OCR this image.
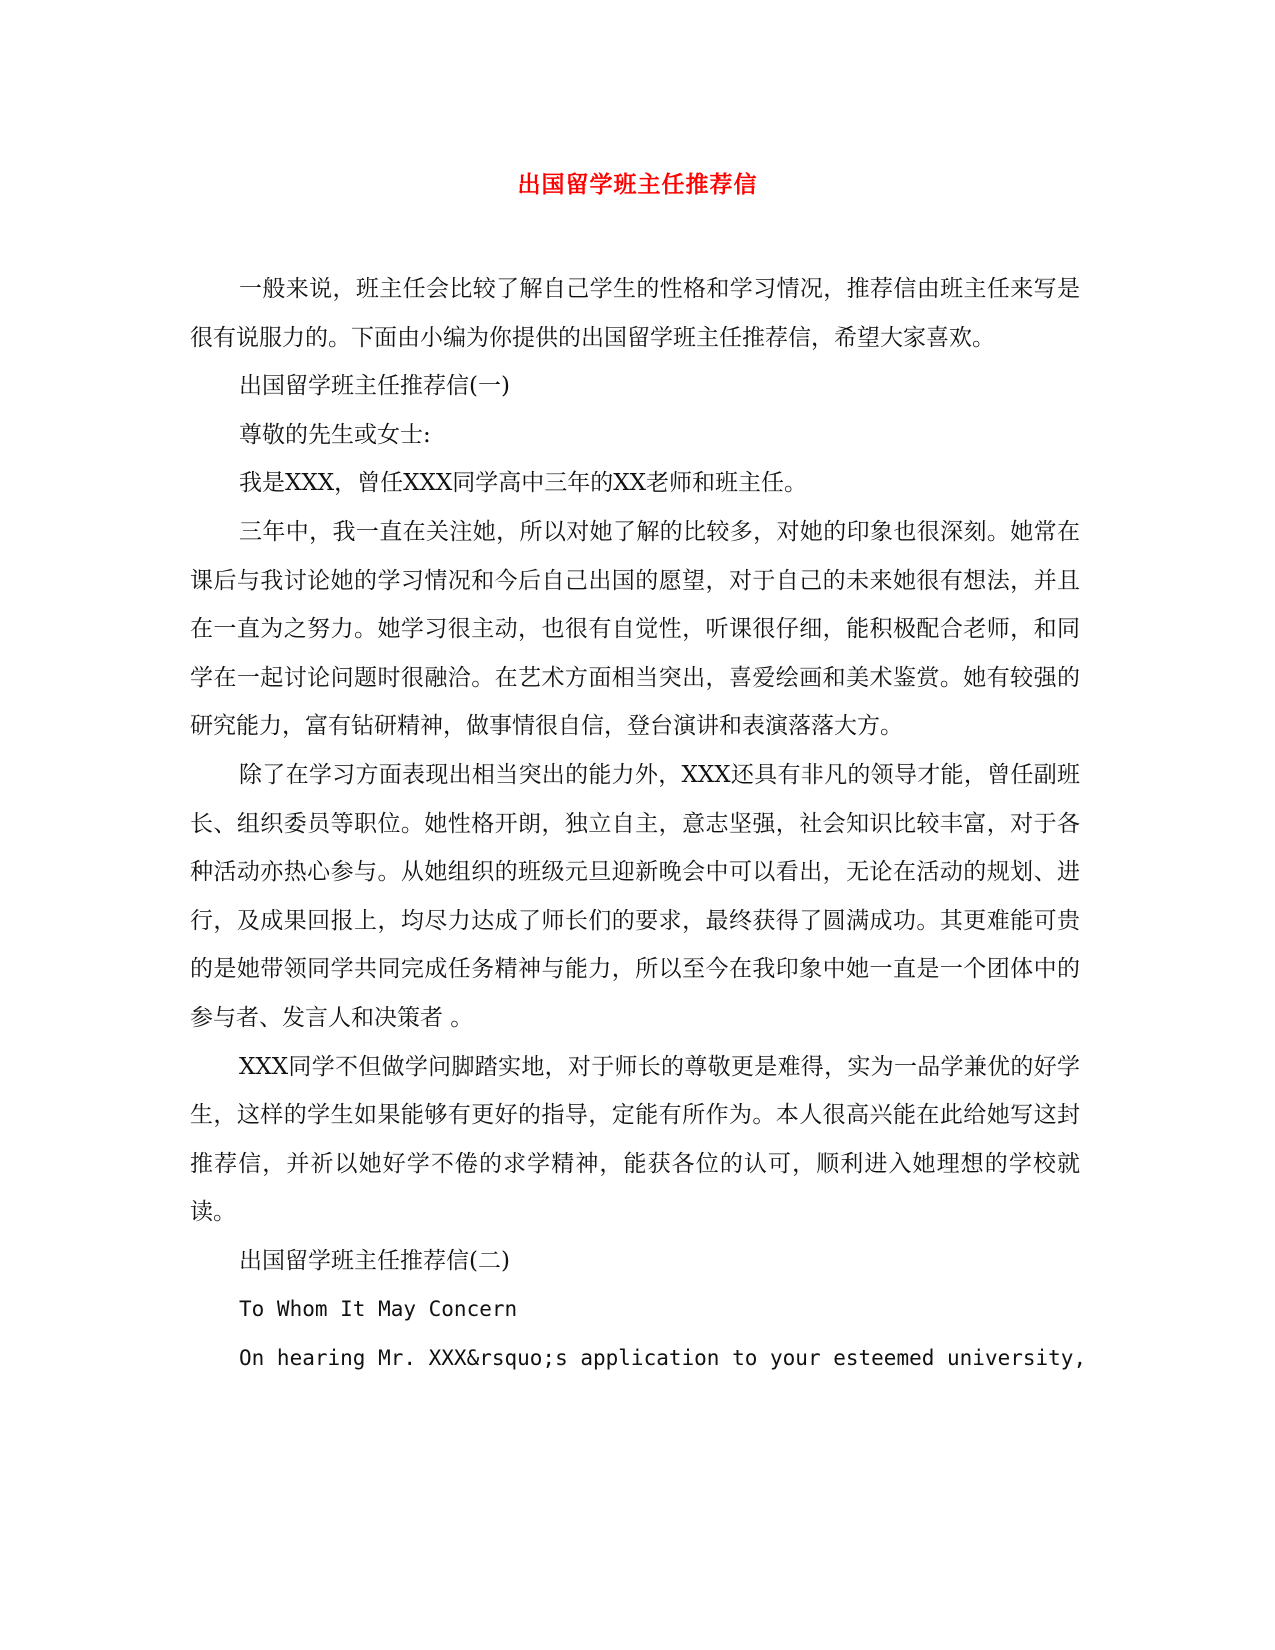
出国留学班主任推荐信

一般来说，班主任会比较了解自己学生的性格和学习情况，推荐信由班主任来写是很有说服力的。下面由小编为你提供的出国留学班主任推荐信，希望大家喜欢。

出国留学班主任推荐信(一)

尊敬的先生或女士:

我是XXX，曾任XXX同学高中三年的XX老师和班主任。

三年中，我一直在关注她，所以对她了解的比较多，对她的印象也很深刻。她常在课后与我讨论她的学习情况和今后自己出国的愿望，对于自己的未来她很有想法，并且在一直为之努力。她学习很主动，也很有自觉性，听课很仔细，能积极配合老师，和同学在一起讨论问题时很融洽。在艺术方面相当突出，喜爱绘画和美术鉴赏。她有较强的研究能力，富有钻研精神，做事情很自信，登台演讲和表演落落大方。

除了在学习方面表现出相当突出的能力外，XXX还具有非凡的领导才能，曾任副班长、组织委员等职位。她性格开朗，独立自主，意志坚强，社会知识比较丰富，对于各种活动亦热心参与。从她组织的班级元旦迎新晚会中可以看出，无论在活动的规划、进行，及成果回报上，均尽力达成了师长们的要求，最终获得了圆满成功。其更难能可贵的是她带领同学共同完成任务精神与能力，所以至今在我印象中她一直是一个团体中的参与者、发言人和决策者 。

XXX同学不但做学问脚踏实地，对于师长的尊敬更是难得，实为一品学兼优的好学生，这样的学生如果能够有更好的指导，定能有所作为。本人很高兴能在此给她写这封推荐信，并祈以她好学不倦的求学精神，能获各位的认可，顺利进入她理想的学校就读。

出国留学班主任推荐信(二)

To Whom It May Concern

On hearing Mr. XXX&rsquo;s application to your esteemed university,
